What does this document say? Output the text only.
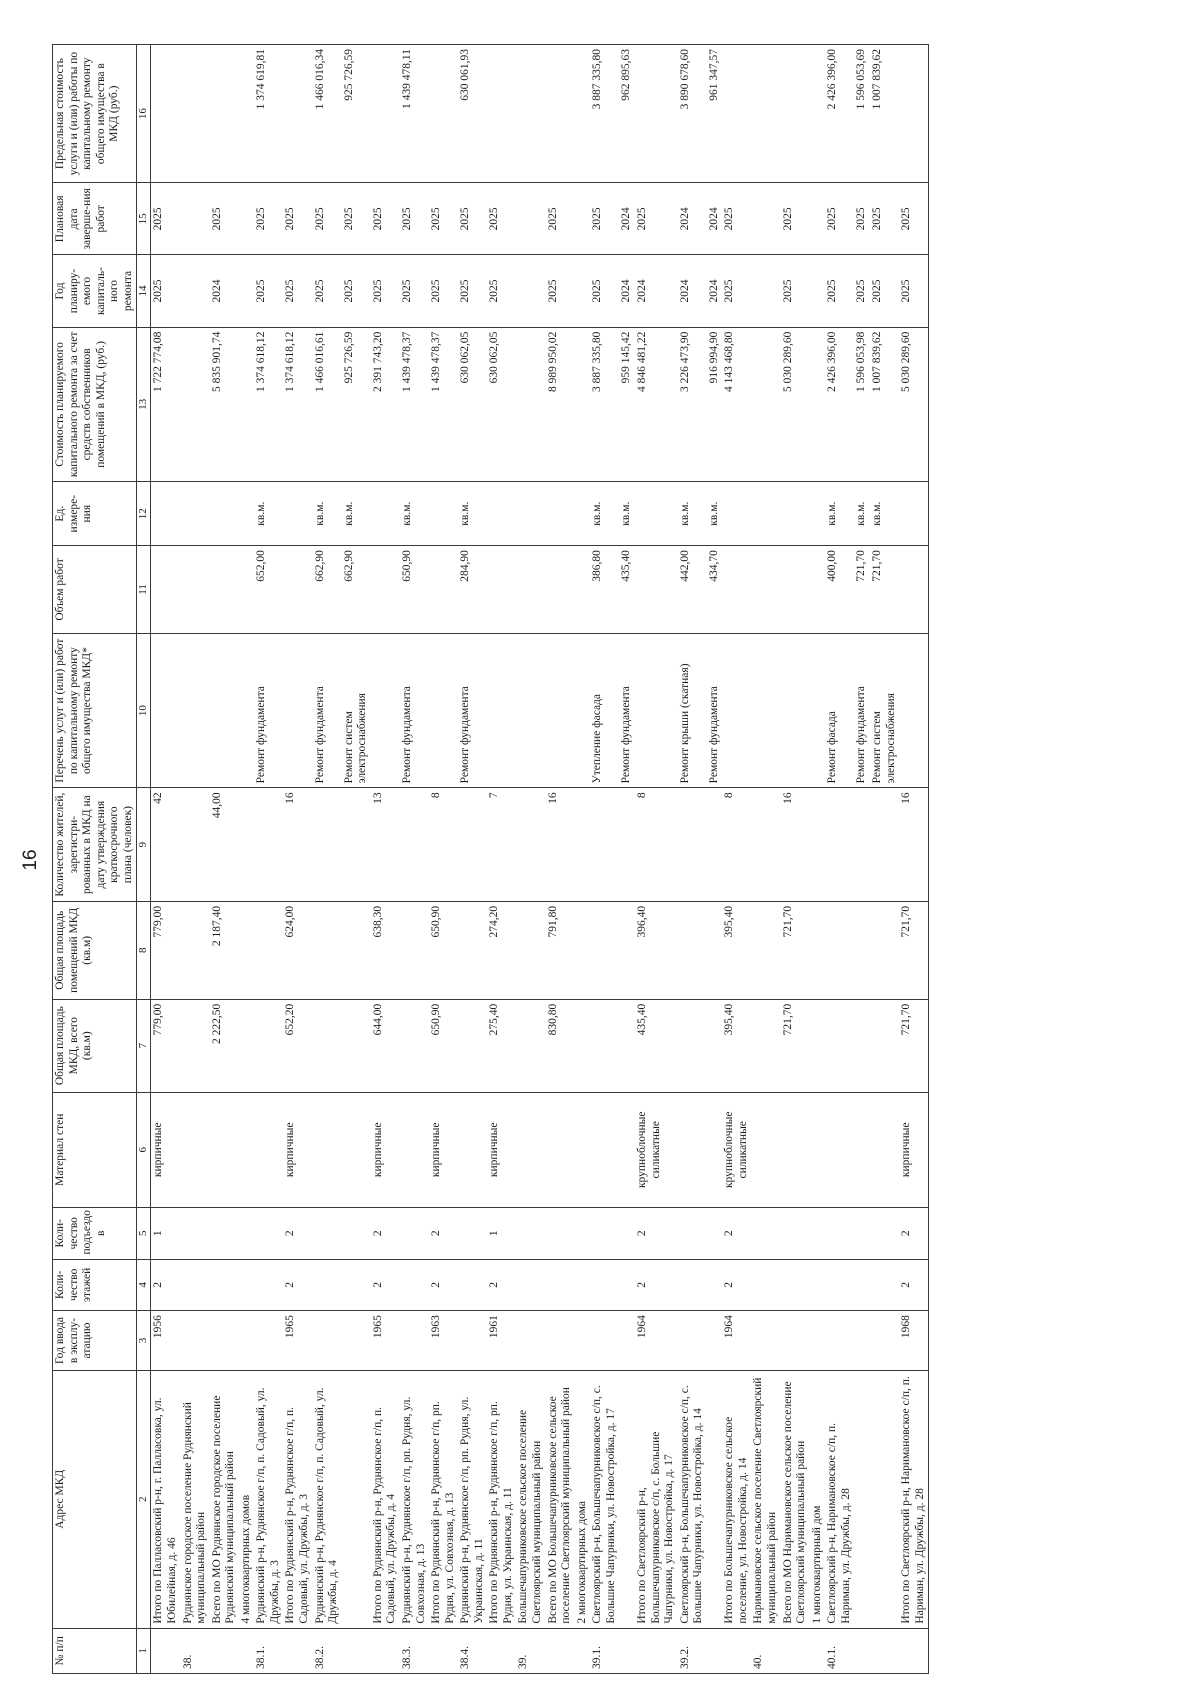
16
№ п/п	Адрес МКД	Год ввода в эксплу-атацию	Коли-чество этажей	Коли-чество подъездо в	Материал стен	Общая площадь МКД, всего (кв.м)	Общая площадь помещений МКД (кв.м)	Количество жителей, зарегистри-рованных в МКД на дату утверждения краткосрочного плана (человек)	Перечень услуг и (или) работ по капитальному ремонту общего имущества МКД*	Объем работ	Ед. измере-ния	Стоимость планируемого капитального ремонта за счет средств собственников помещений в МКД, (руб.)	Год планиру-емого капиталь-ного ремонта	Плановая дата заверше-ния работ	Предельная стоимость услуги и (или) работы по капитальному ремонту общего имущества в МКД (руб.)
1	2	3	4	5	6	7	8	9	10	11	12	13	14	15	16
	Итого по Палласовский р-н, г. Палласовка, ул. Юбилейная, д. 46	1956	2	1	кирпичные	779,00	779,00	42				1 722 774,08	2025	2025	
38.	Руднянское городское поселение Руднянский муниципальный район														
	Всего по МО Руднянское городское поселение Руднянский муниципальный район					2 222,50	2 187,40	44,00				5 835 901,74	2024	2025	
	4 многоквартирных домов														
38.1.	Руднянский р-н, Руднянское г/п, п. Садовый, ул. Дружбы, д. 3								Ремонт фундамента	652,00	кв.м.	1 374 618,12	2025	2025	1 374 619,81
	Итого по Руднянский р-н, Руднянское г/п, п. Садовый, ул. Дружбы, д. 3	1965	2	2	кирпичные	652,20	624,00	16				1 374 618,12	2025	2025	
38.2.	Руднянский р-н, Руднянское г/п, п. Садовый, ул. Дружбы, д. 4								Ремонт фундамента	662,90	кв.м.	1 466 016,61	2025	2025	1 466 016,34
									Ремонт систем электроснабжения	662,90	кв.м.	925 726,59	2025	2025	925 726,59
	Итого по Руднянский р-н, Руднянское г/п, п. Садовый, ул. Дружбы, д. 4	1965	2	2	кирпичные	644,00	638,30	13				2 391 743,20	2025	2025	
38.3.	Руднянский р-н, Руднянское г/п, рп. Рудня, ул. Совхозная, д. 13								Ремонт фундамента	650,90	кв.м.	1 439 478,37	2025	2025	1 439 478,11
	Итого по Руднянский р-н, Руднянское г/п, рп. Рудня, ул. Совхозная, д. 13	1963	2	2	кирпичные	650,90	650,90	8				1 439 478,37	2025	2025	
38.4.	Руднянский р-н, Руднянское г/п, рп. Рудня, ул. Украинская, д. 11								Ремонт фундамента	284,90	кв.м.	630 062,05	2025	2025	630 061,93
	Итого по Руднянский р-н, Руднянское г/п, рп. Рудня, ул. Украинская, д. 11	1961	2	1	кирпичные	275,40	274,20	7				630 062,05	2025	2025	
39.	Большечапурниковское сельское поселение Светлоярский муниципальный район														
	Всего по МО Большечапурниковское сельское поселение Светлоярский муниципальный район					830,80	791,80	16				8 989 950,02	2025	2025	
	2 многоквартирных дома														
39.1.	Светлоярский р-н, Большечапурниковское с/п, с. Большие Чапурники, ул. Новостройка, д. 17								Утепление фасада	386,80	кв.м.	3 887 335,80	2025	2025	3 887 335,80
									Ремонт фундамента	435,40	кв.м.	959 145,42	2024	2024	962 895,63
	Итого по Светлоярский р-н, Большечапурниковское с/п, с. Большие Чапурники, ул. Новостройка, д. 17	1964	2	2	крупноблочные силикатные	435,40	396,40	8				4 846 481,22	2024	2025	
39.2.	Светлоярский р-н, Большечапурниковское с/п, с. Большие Чапурники, ул. Новостройка, д. 14								Ремонт крыши (скатная)	442,00	кв.м.	3 226 473,90	2024	2024	3 890 678,60
									Ремонт фундамента	434,70	кв.м.	916 994,90	2024	2024	961 347,57
	Итого по Большечапурниковское сельское поселение, ул. Новостройка, д. 14	1964	2	2	крупноблочные силикатные	395,40	395,40	8				4 143 468,80	2025	2025	
40.	Наримановское сельское поселение Светлоярский муниципальный район														
	Всего по МО Наримановское сельское поселение Светлоярский муниципальный район					721,70	721,70	16				5 030 289,60	2025	2025	
	1 многоквартирный дом														
40.1.	Светлоярский р-н, Наримановское с/п, п. Нариман, ул. Дружбы, д. 28								Ремонт фасада	400,00	кв.м.	2 426 396,00	2025	2025	2 426 396,00
									Ремонт фундамента	721,70	кв.м.	1 596 053,98	2025	2025	1 596 053,69
									Ремонт систем электроснабжения	721,70	кв.м.	1 007 839,62	2025	2025	1 007 839,62
	Итого по Светлоярский р-н, Наримановское с/п, п. Нариман, ул. Дружбы, д. 28	1968	2	2	кирпичные	721,70	721,70	16				5 030 289,60	2025	2025	
